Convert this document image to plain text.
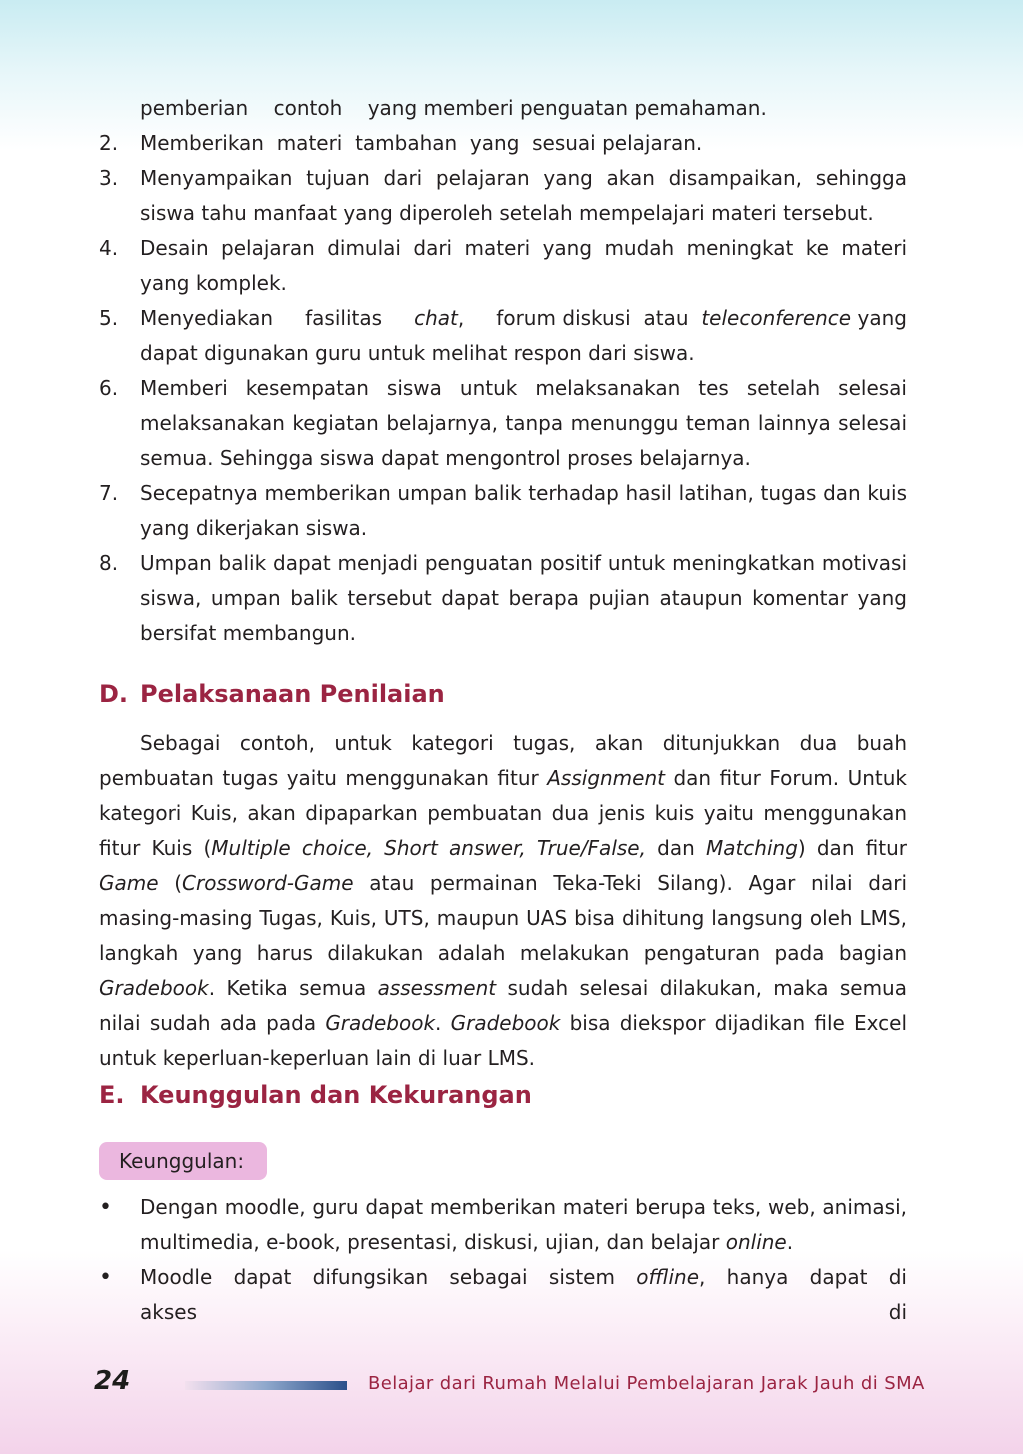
pemberian    contoh    yang memberi penguatan pemahaman.
2. Memberikan  materi  tambahan  yang  sesuai pelajaran.
3. Menyampaikan tujuan dari pelajaran yang akan disampaikan, sehingga siswa tahu manfaat yang diperoleh setelah mempelajari materi tersebut.
4. Desain pelajaran dimulai dari materi yang mudah meningkat ke materi yang komplek.
5. Menyediakan     fasilitas     chat,     forum diskusi  atau  teleconference yang dapat digunakan guru untuk melihat respon dari siswa.
6. Memberi kesempatan siswa untuk melaksanakan tes setelah selesai melaksanakan kegiatan belajarnya, tanpa menunggu teman lainnya selesai semua. Sehingga siswa dapat mengontrol proses belajarnya.
7. Secepatnya memberikan umpan balik terhadap hasil latihan, tugas dan kuis yang dikerjakan siswa.
8. Umpan balik dapat menjadi penguatan positif untuk meningkatkan motivasi siswa, umpan balik tersebut dapat berapa pujian ataupun komentar yang bersifat membangun.
D. Pelaksanaan Penilaian
Sebagai contoh, untuk kategori tugas, akan ditunjukkan dua buah pembuatan tugas yaitu menggunakan fitur Assignment dan fitur Forum. Untuk kategori Kuis, akan dipaparkan pembuatan dua jenis kuis yaitu menggunakan fitur Kuis (Multiple choice, Short answer, True/False, dan Matching) dan fitur Game (Crossword-Game atau permainan Teka-Teki Silang). Agar nilai dari masing-masing Tugas, Kuis, UTS, maupun UAS bisa dihitung langsung oleh LMS, langkah yang harus dilakukan adalah melakukan pengaturan pada bagian Gradebook. Ketika semua assessment sudah selesai dilakukan, maka semua nilai sudah ada pada Gradebook. Gradebook bisa diekspor dijadikan file Excel untuk keperluan-keperluan lain di luar LMS.
E. Keunggulan dan Kekurangan
Keunggulan:
• Dengan moodle, guru dapat memberikan materi berupa teks, web, animasi, multimedia, e-book, presentasi, diskusi, ujian, dan belajar online.
• Moodle  dapat  difungsikan  sebagai  sistem  offline,  hanya  dapat  di  akses  di
24	Belajar dari Rumah Melalui Pembelajaran Jarak Jauh di SMA
